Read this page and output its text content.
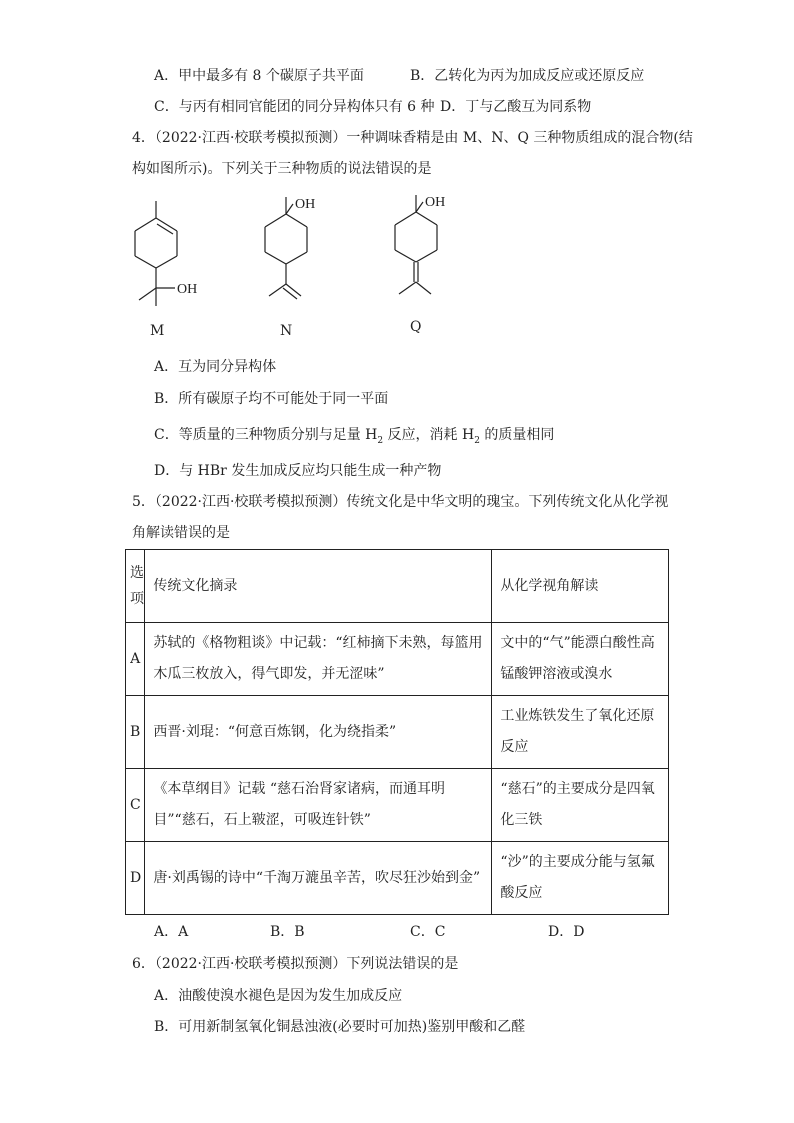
A．甲中最多有 8 个碳原子共平面	B．乙转化为丙为加成反应或还原反应
C．与丙有相同官能团的同分异构体只有 6 种 D．丁与乙酸互为同系物
4．（2022·江西·校联考模拟预测）一种调味香精是由 M、N、Q 三种物质组成的混合物(结
构如图所示)。下列关于三种物质的说法错误的是
OH
M
OH
N
OH
Q
A．互为同分异构体
B．所有碳原子均不可能处于同一平面
C．等质量的三种物质分别与足量 $H_2$ 反应，消耗 $H_2$ 的质量相同
D．与 HBr 发生加成反应均只能生成一种产物
5．（2022·江西·校联考模拟预测）传统文化是中华文明的瑰宝。下列传统文化从化学视
角解读错误的是
选项	传统文化摘录	从化学视角解读
A	苏轼的《格物粗谈》中记载：“红柿摘下未熟，每篮用木瓜三枚放入，得气即发，并无涩味”	文中的“气”能漂白酸性高锰酸钾溶液或溴水
B	西晋·刘琨：“何意百炼钢，化为绕指柔”	工业炼铁发生了氧化还原反应
C	《本草纲目》记载 “慈石治肾家诸病，而通耳明目”“慈石，石上皲涩，可吸连针铁”	“慈石”的主要成分是四氧化三铁
D	唐·刘禹锡的诗中“千淘万漉虽辛苦，吹尽狂沙始到金”	“沙”的主要成分能与氢氟酸反应
A．A	B．B	C．C	D．D
6．（2022·江西·校联考模拟预测）下列说法错误的是
A．油酸使溴水褪色是因为发生加成反应
B．可用新制氢氧化铜悬浊液(必要时可加热)鉴别甲酸和乙醛
